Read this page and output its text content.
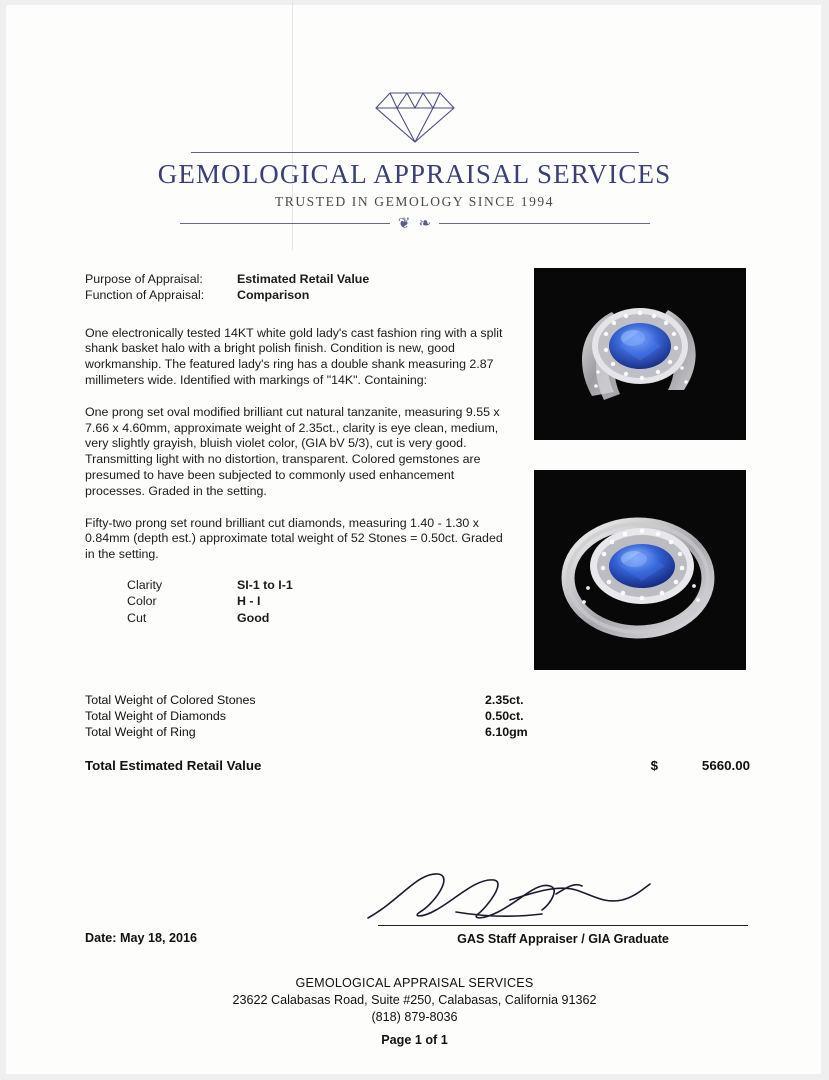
GEMOLOGICAL APPRAISAL SERVICES
TRUSTED IN GEMOLOGY SINCE 1994
❦ ❧
Purpose of Appraisal:	Estimated Retail Value
Function of Appraisal:	Comparison
One electronically tested 14KT white gold lady's cast fashion ring with a split shank basket halo with a bright polish finish. Condition is new, good workmanship. The featured lady's ring has a double shank measuring 2.87 millimeters wide. Identified with markings of "14K". Containing:
One prong set oval modified brilliant cut natural tanzanite, measuring 9.55 x 7.66 x 4.60mm, approximate weight of 2.35ct., clarity is eye clean, medium, very slightly grayish, bluish violet color, (GIA bV 5/3), cut is very good. Transmitting light with no distortion, transparent. Colored gemstones are presumed to have been subjected to commonly used enhancement processes. Graded in the setting.
Fifty-two prong set round brilliant cut diamonds, measuring 1.40 - 1.30 x 0.84mm (depth est.) approximate total weight of 52 Stones = 0.50ct. Graded in the setting.
Clarity	SI-1 to I-1
Color	H - I
Cut	Good
Total Weight of Colored Stones	2.35ct.
Total Weight of Diamonds	0.50ct.
Total Weight of Ring	6.10gm
Total Estimated Retail Value	$	5660.00
GAS Staff Appraiser / GIA Graduate
Date: May 18, 2016
GEMOLOGICAL APPRAISAL SERVICES
23622 Calabasas Road, Suite #250, Calabasas, California 91362
(818) 879-8036
Page 1 of 1
